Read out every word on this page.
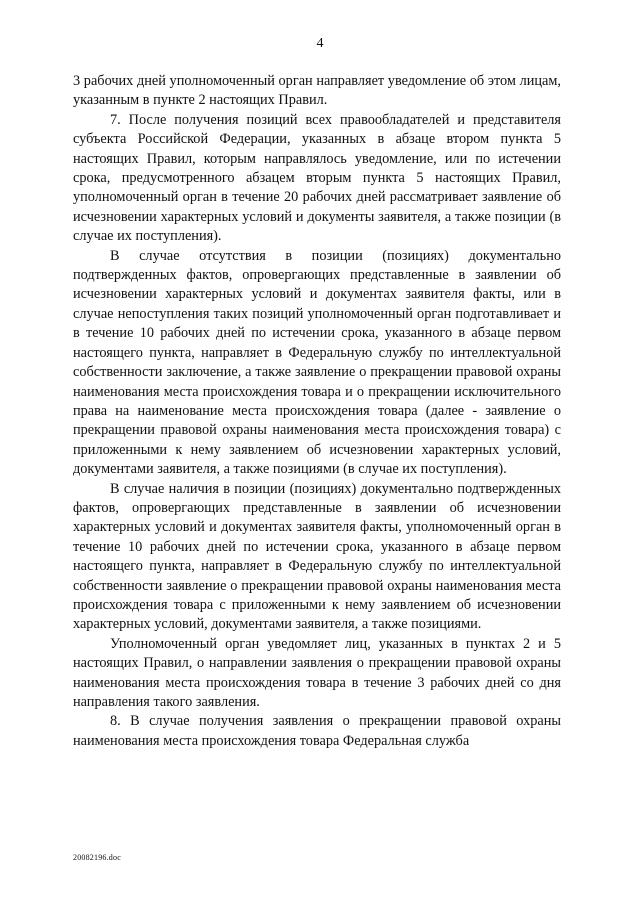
4

3 рабочих дней уполномоченный орган направляет уведомление об этом лицам, указанным в пункте 2 настоящих Правил.

7. После получения позиций всех правообладателей и представителя субъекта Российской Федерации, указанных в абзаце втором пункта 5 настоящих Правил, которым направлялось уведомление, или по истечении срока, предусмотренного абзацем вторым пункта 5 настоящих Правил, уполномоченный орган в течение 20 рабочих дней рассматривает заявление об исчезновении характерных условий и документы заявителя, а также позиции (в случае их поступления).

В случае отсутствия в позиции (позициях) документально подтвержденных фактов, опровергающих представленные в заявлении об исчезновении характерных условий и документах заявителя факты, или в случае непоступления таких позиций уполномоченный орган подготавливает и в течение 10 рабочих дней по истечении срока, указанного в абзаце первом настоящего пункта, направляет в Федеральную службу по интеллектуальной собственности заключение, а также заявление о прекращении правовой охраны наименования места происхождения товара и о прекращении исключительного права на наименование места происхождения товара (далее - заявление о прекращении правовой охраны наименования места происхождения товара) с приложенными к нему заявлением об исчезновении характерных условий, документами заявителя, а также позициями (в случае их поступления).

В случае наличия в позиции (позициях) документально подтвержденных фактов, опровергающих представленные в заявлении об исчезновении характерных условий и документах заявителя факты, уполномоченный орган в течение 10 рабочих дней по истечении срока, указанного в абзаце первом настоящего пункта, направляет в Федеральную службу по интеллектуальной собственности заявление о прекращении правовой охраны наименования места происхождения товара с приложенными к нему заявлением об исчезновении характерных условий, документами заявителя, а также позициями.

Уполномоченный орган уведомляет лиц, указанных в пунктах 2 и 5 настоящих Правил, о направлении заявления о прекращении правовой охраны наименования места происхождения товара в течение 3 рабочих дней со дня направления такого заявления.

8. В случае получения заявления о прекращении правовой охраны наименования места происхождения товара Федеральная служба

20082196.doc
